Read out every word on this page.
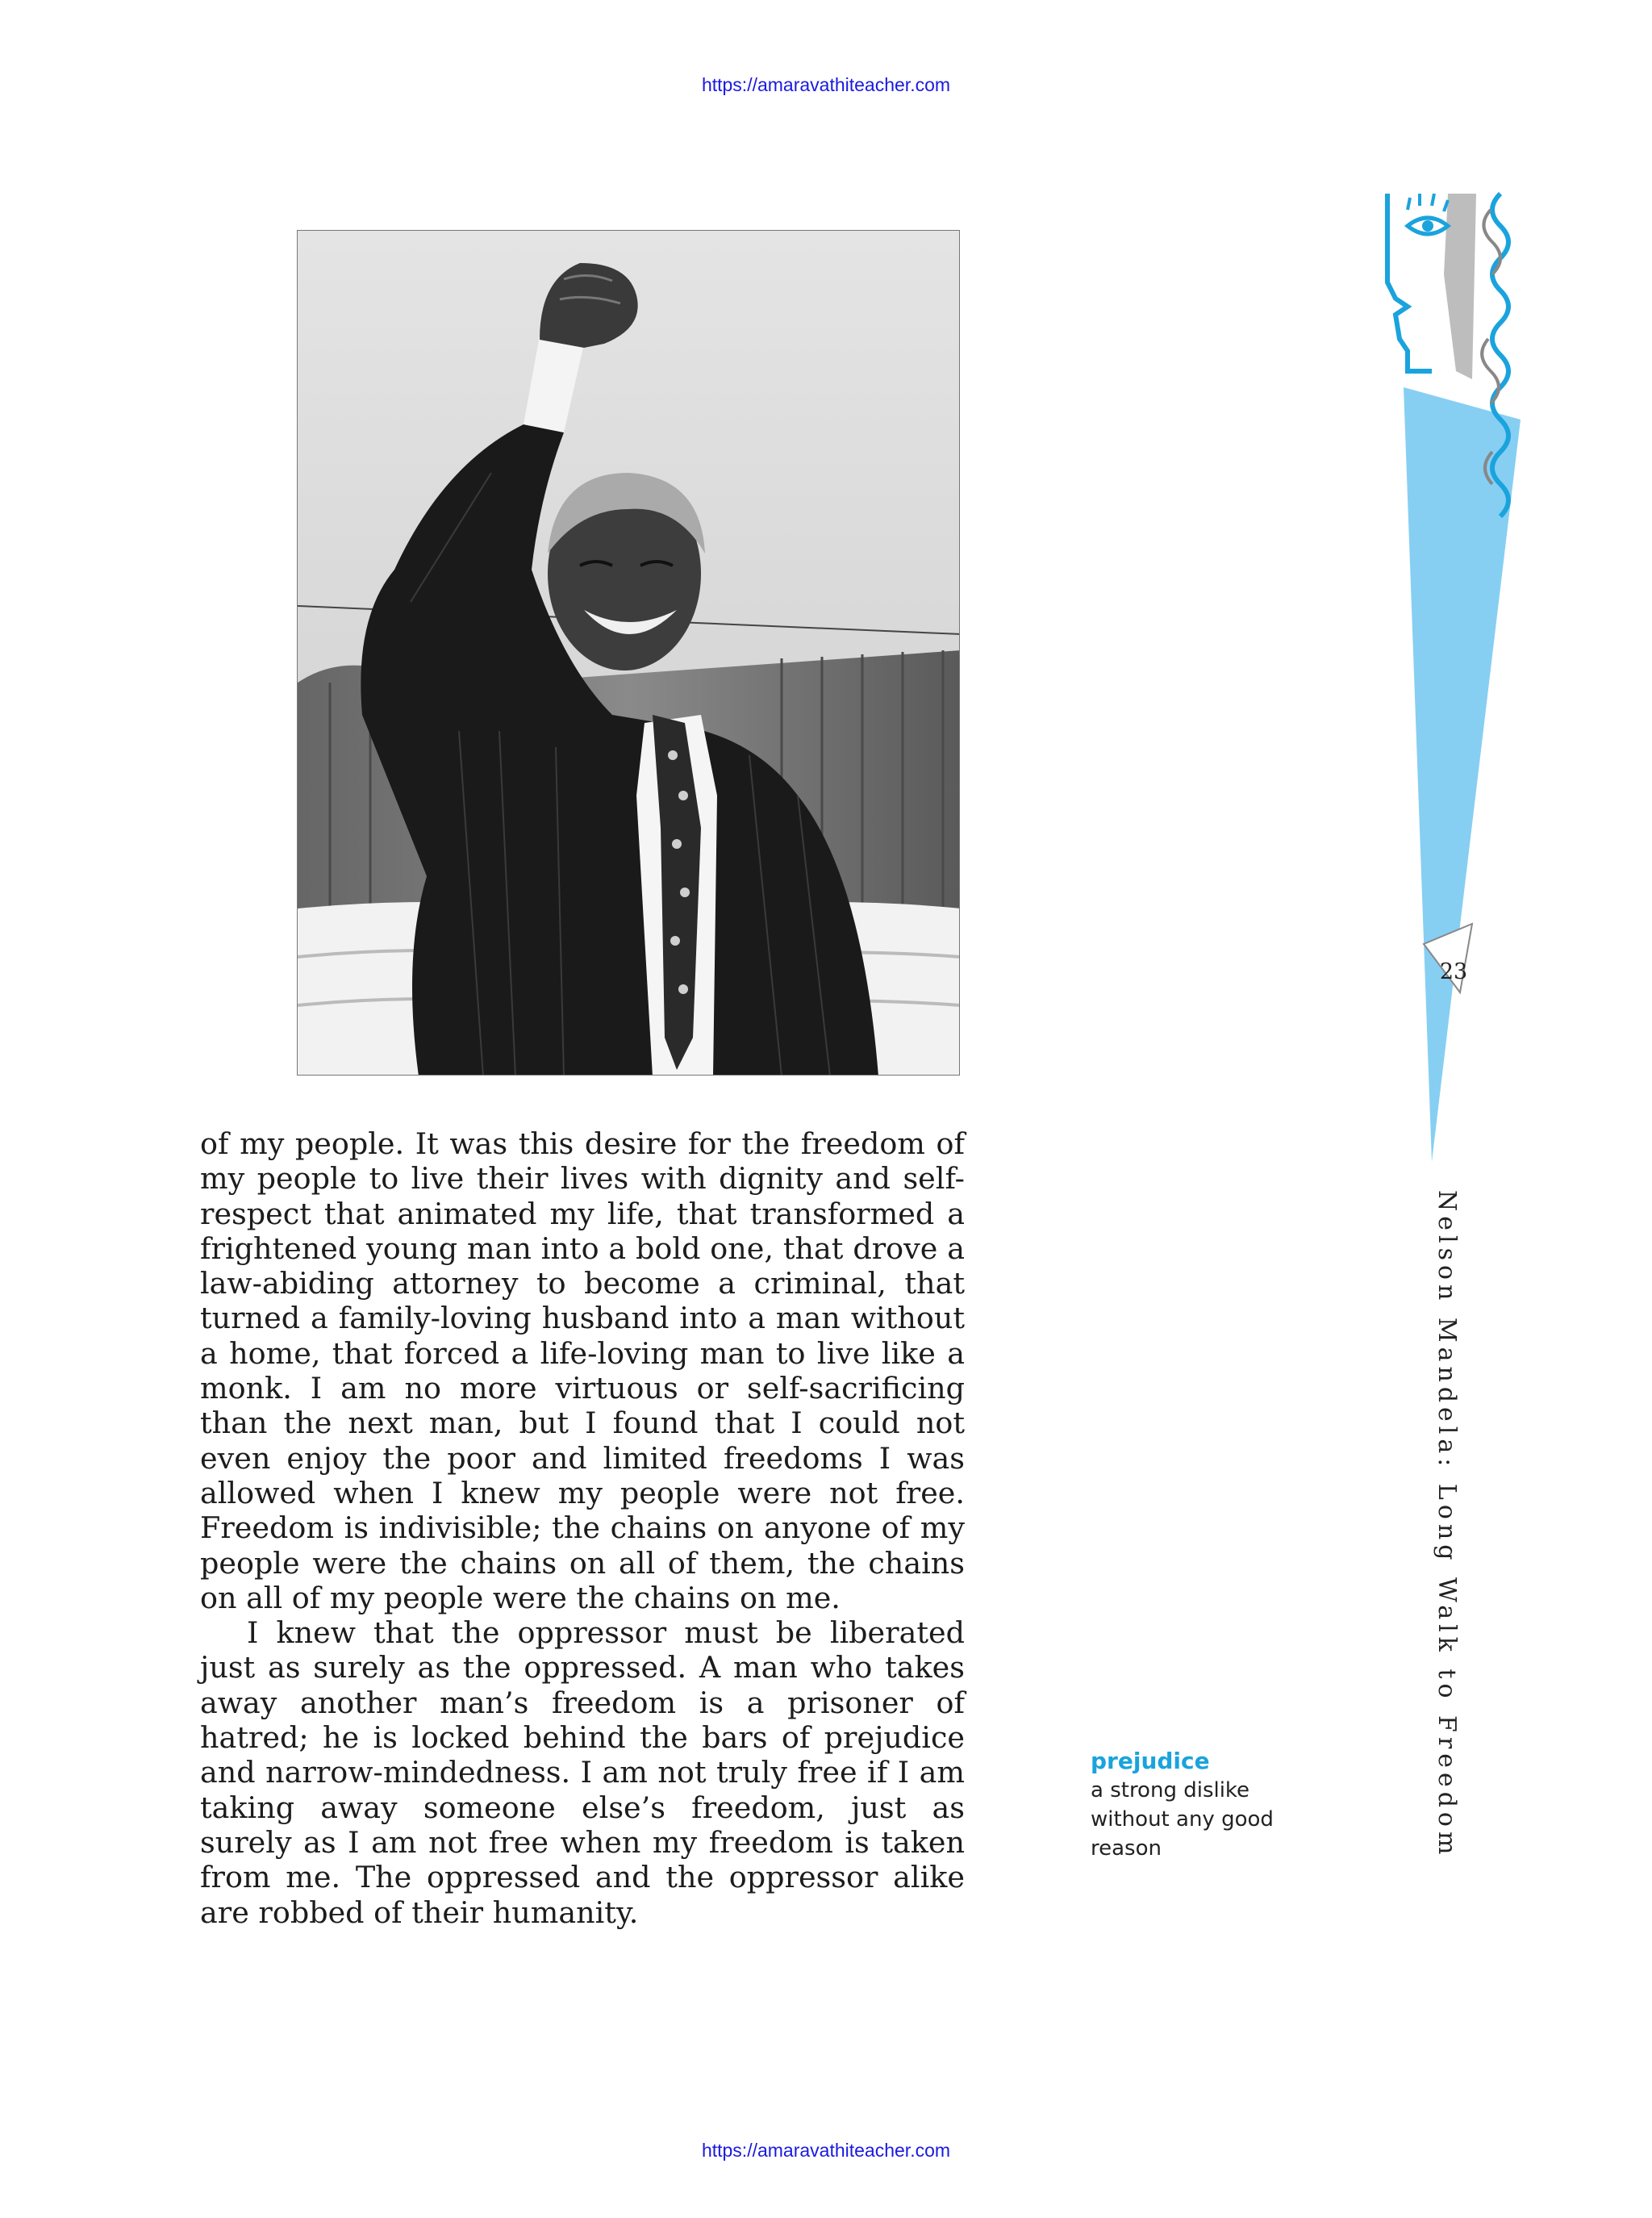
https://amaravathiteacher.com

of my people. It was this desire for the freedom of my people to live their lives with dignity and self-respect that animated my life, that transformed a frightened young man into a bold one, that drove a law-abiding attorney to become a criminal, that turned a family-loving husband into a man without a home, that forced a life-loving man to live like a monk. I am no more virtuous or self-sacrificing than the next man, but I found that I could not even enjoy the poor and limited freedoms I was allowed when I knew my people were not free. Freedom is indivisible; the chains on anyone of my people were the chains on all of them, the chains on all of my people were the chains on me.

I knew that the oppressor must be liberated just as surely as the oppressed. A man who takes away another man’s freedom is a prisoner of hatred; he is locked behind the bars of prejudice and narrow-mindedness. I am not truly free if I am taking away someone else’s freedom, just as surely as I am not free when my freedom is taken from me. The oppressed and the oppressor alike are robbed of their humanity.

prejudice
a strong dislike without any good reason
23
Nelson Mandela: Long Walk to Freedom
https://amaravathiteacher.com
